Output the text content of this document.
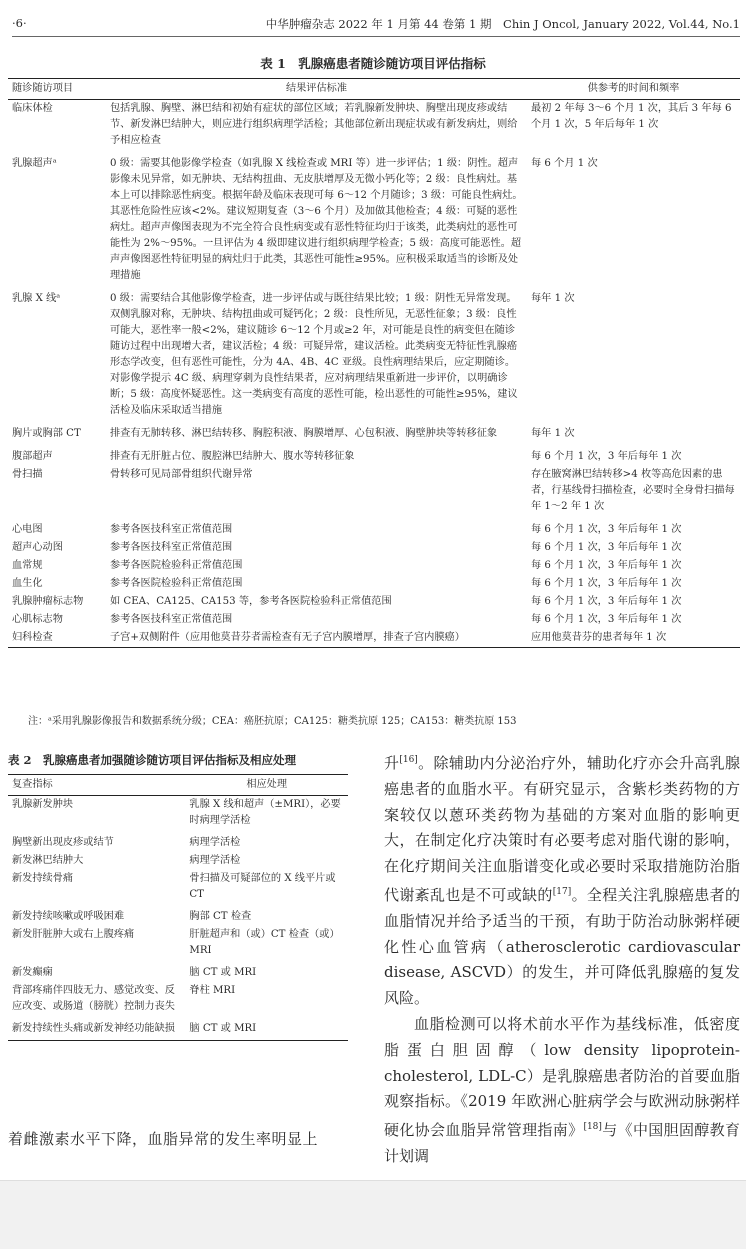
·6·	中华肿瘤杂志 2022 年 1 月第 44 卷第 1 期　Chin J Oncol, January 2022, Vol.44, No.1
表 1　乳腺癌患者随诊随访项目评估指标
随诊随访项目	结果评估标准	供参考的时间和频率
临床体检	包括乳腺、胸壁、淋巴结和初始有症状的部位区域；若乳腺新发肿块、胸壁出现皮疹或结节、新发淋巴结肿大，则应进行组织病理学活检；其他部位新出现症状或有新发病灶，则给予相应检查	最初 2 年每 3～6 个月 1 次，其后 3 年每 6 个月 1 次，5 年后每年 1 次
乳腺超声ᵃ	0 级：需要其他影像学检查（如乳腺 X 线检查或 MRI 等）进一步评估；1 级：阴性。超声影像未见异常，如无肿块、无结构扭曲、无皮肤增厚及无微小钙化等；2 级：良性病灶。基本上可以排除恶性病变。根据年龄及临床表现可每 6～12 个月随诊；3 级：可能良性病灶。其恶性危险性应该<2%。建议短期复查（3～6 个月）及加做其他检查；4 级：可疑的恶性病灶。超声声像图表现为不完全符合良性病变或有恶性特征均归于该类，此类病灶的恶性可能性为 2%～95%。一旦评估为 4 级即建议进行组织病理学检查；5 级：高度可能恶性。超声声像图恶性特征明显的病灶归于此类，其恶性可能性≥95%。应积极采取适当的诊断及处理措施	每 6 个月 1 次
乳腺 X 线ᵃ	0 级：需要结合其他影像学检查，进一步评估或与既往结果比较；1 级：阴性无异常发现。双侧乳腺对称，无肿块、结构扭曲或可疑钙化；2 级：良性所见，无恶性征象；3 级：良性可能大，恶性率一般<2%，建议随诊 6～12 个月或≥2 年，对可能是良性的病变但在随诊随访过程中出现增大者，建议活检；4 级：可疑异常，建议活检。此类病变无特征性乳腺癌形态学改变，但有恶性可能性，分为 4A、4B、4C 亚级。良性病理结果后，应定期随诊。对影像学提示 4C 级、病理穿刺为良性结果者，应对病理结果重新进一步评价，以明确诊断；5 级：高度怀疑恶性。这一类病变有高度的恶性可能，检出恶性的可能性≥95%，建议活检及临床采取适当措施	每年 1 次
胸片或胸部 CT	排查有无肺转移、淋巴结转移、胸腔积液、胸膜增厚、心包积液、胸壁肿块等转移征象	每年 1 次
腹部超声	排查有无肝脏占位、腹腔淋巴结肿大、腹水等转移征象	每 6 个月 1 次，3 年后每年 1 次
骨扫描	骨转移可见局部骨组织代谢异常	存在腋窝淋巴结转移>4 枚等高危因素的患者，行基线骨扫描检查，必要时全身骨扫描每年 1～2 年 1 次
心电图	参考各医技科室正常值范围	每 6 个月 1 次，3 年后每年 1 次
超声心动图	参考各医技科室正常值范围	每 6 个月 1 次，3 年后每年 1 次
血常规	参考各医院检验科正常值范围	每 6 个月 1 次，3 年后每年 1 次
血生化	参考各医院检验科正常值范围	每 6 个月 1 次，3 年后每年 1 次
乳腺肿瘤标志物	如 CEA、CA125、CA153 等，参考各医院检验科正常值范围	每 6 个月 1 次，3 年后每年 1 次
心肌标志物	参考各医技科室正常值范围	每 6 个月 1 次，3 年后每年 1 次
妇科检查	子宫+双侧附件（应用他莫昔芬者需检查有无子宫内膜增厚，排查子宫内膜癌）	应用他莫昔芬的患者每年 1 次
注：ᵃ采用乳腺影像报告和数据系统分级；CEA：癌胚抗原；CA125：糖类抗原 125；CA153：糖类抗原 153
表 2　乳腺癌患者加强随诊随访项目评估指标及相应处理
复查指标	相应处理
乳腺新发肿块	乳腺 X 线和超声（±MRI），必要时病理学活检
胸壁新出现皮疹或结节	病理学活检
新发淋巴结肿大	病理学活检
新发持续骨痛	骨扫描及可疑部位的 X 线平片或 CT
新发持续咳嗽或呼吸困难	胸部 CT 检查
新发肝脏肿大或右上腹疼痛	肝脏超声和（或）CT 检查（或）MRI
新发癫痫	脑 CT 或 MRI
背部疼痛伴四肢无力、感觉改变、反应改变、或肠道（膀胱）控制力丧失	脊柱 MRI
新发持续性头痛或新发神经功能缺损	脑 CT 或 MRI
着雌激素水平下降，血脂异常的发生率明显上

升[16]。除辅助内分泌治疗外，辅助化疗亦会升高乳腺癌患者的血脂水平。有研究显示，含紫杉类药物的方案较仅以蒽环类药物为基础的方案对血脂的影响更大，在制定化疗决策时有必要考虑对脂代谢的影响，在化疗期间关注血脂谱变化或必要时采取措施防治脂代谢紊乱也是不可或缺的[17]。全程关注乳腺癌患者的血脂情况并给予适当的干预，有助于防治动脉粥样硬化性心血管病（atherosclerotic cardiovascular disease, ASCVD）的发生，并可降低乳腺癌的复发风险。

血脂检测可以将术前水平作为基线标准，低密度脂蛋白胆固醇（low density lipoprotein-cholesterol, LDL-C）是乳腺癌患者防治的首要血脂观察指标。《2019 年欧洲心脏病学会与欧洲动脉粥样硬化协会血脂异常管理指南》[18]与《中国胆固醇教育计划调
